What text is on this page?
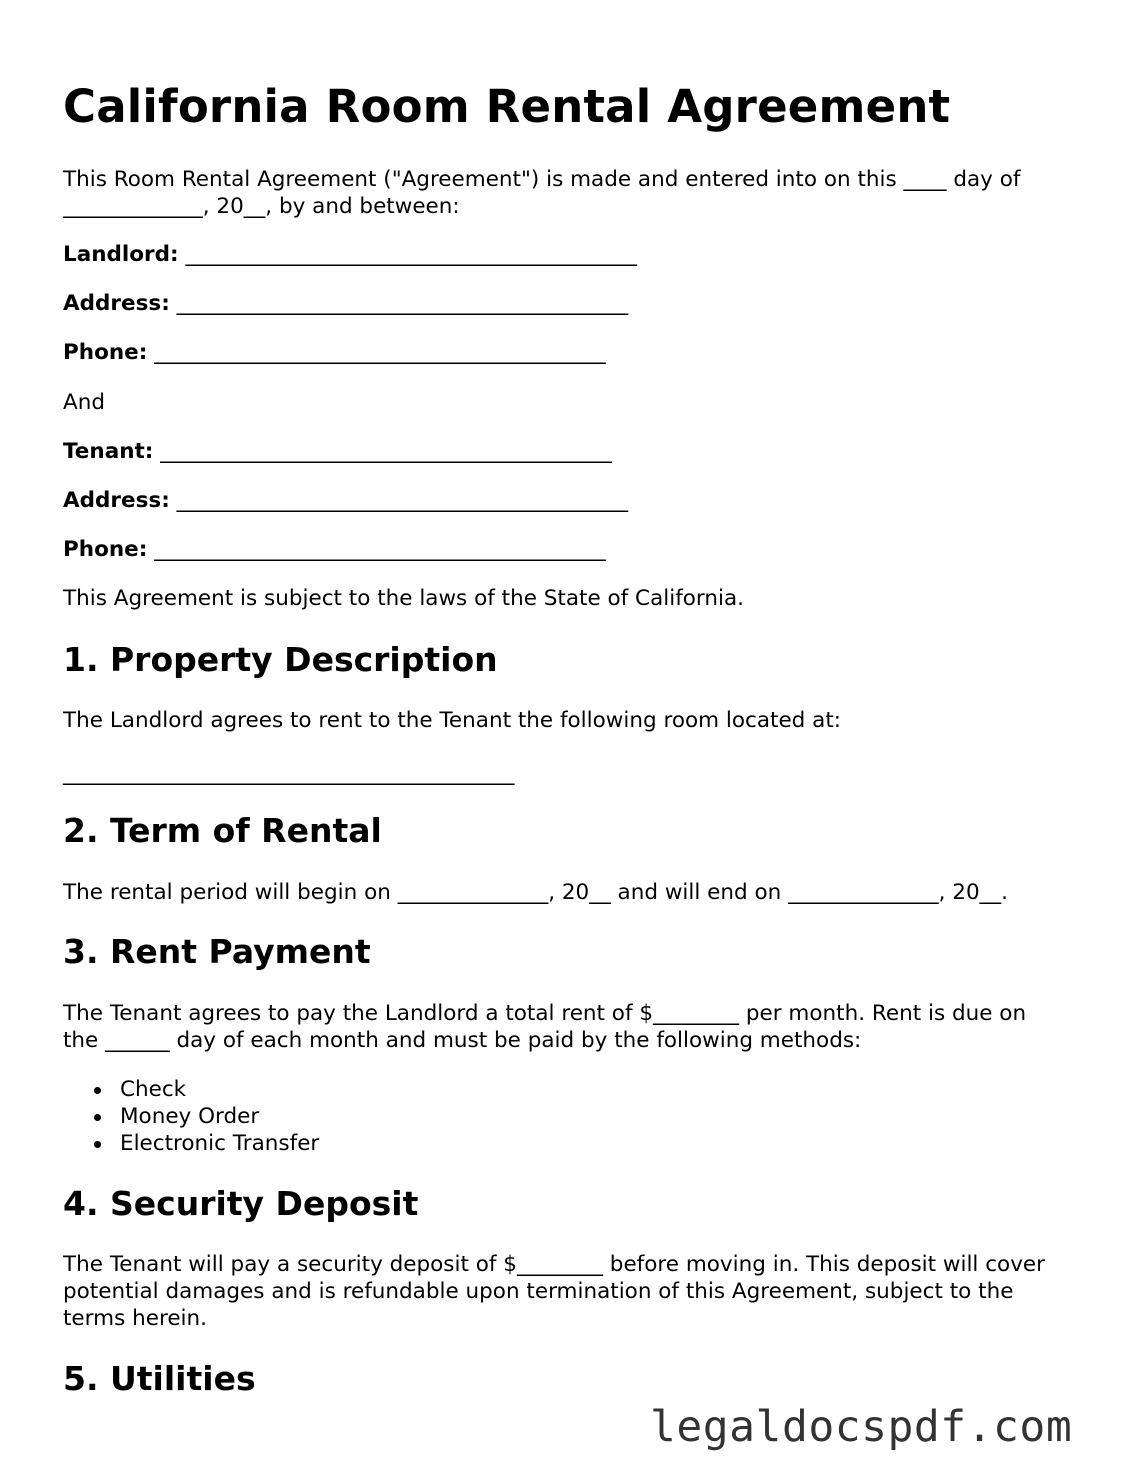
California Room Rental Agreement

This Room Rental Agreement ("Agreement") is made and entered into on this ____ day of

_____________, 20__, by and between:

Landlord: __________________________________________

Address: __________________________________________

Phone: __________________________________________

And

Tenant: __________________________________________

Address: __________________________________________

Phone: __________________________________________

This Agreement is subject to the laws of the State of California.

1. Property Description

The Landlord agrees to rent to the Tenant the following room located at:

__________________________________________

2. Term of Rental

The rental period will begin on ______________, 20__ and will end on ______________, 20__.

3. Rent Payment

The Tenant agrees to pay the Landlord a total rent of $________ per month. Rent is due on

the ______ day of each month and must be paid by the following methods:

Check
Money Order
Electronic Transfer
4. Security Deposit

The Tenant will pay a security deposit of $________ before moving in. This deposit will cover

potential damages and is refundable upon termination of this Agreement, subject to the

terms herein.

5. Utilities
legaldocspdf.com
